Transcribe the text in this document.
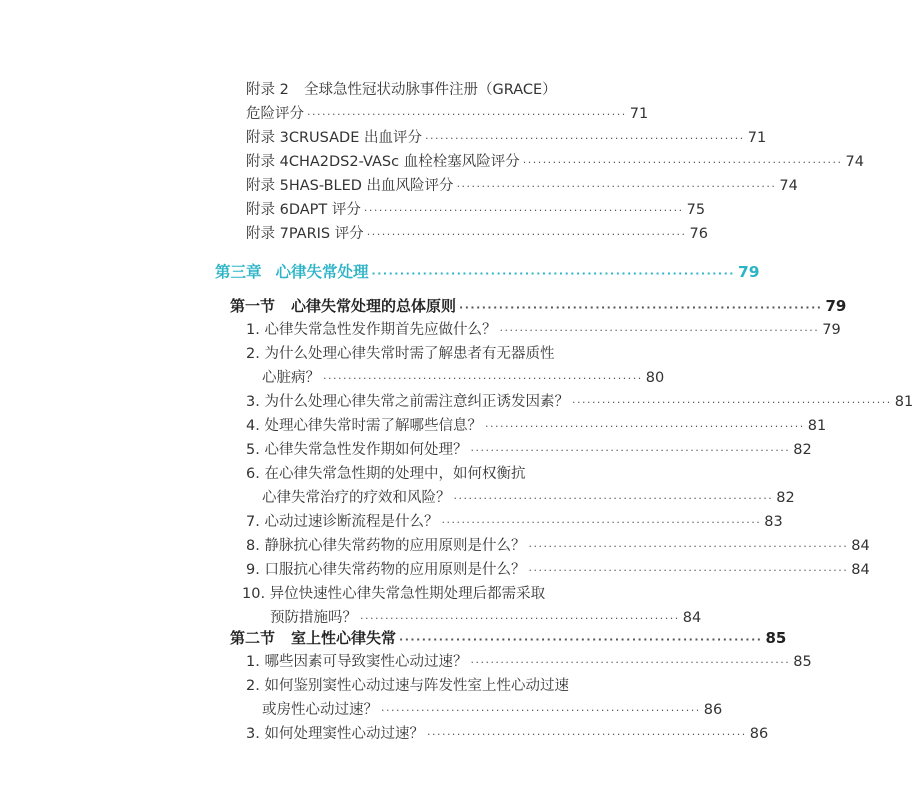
附录 2	全球急性冠状动脉事件注册（GRACE）
危险评分 ································································ 71
附录 3 CRUSADE 出血评分 ································································ 71
附录 4 CHA2DS2-VASc 血栓栓塞风险评分 ································································ 74
附录 5 HAS-BLED 出血风险评分 ································································ 74
附录 6 DAPT 评分 ································································ 75
附录 7 PARIS 评分 ································································ 76
第三章 心律失常处理 ································································ 79
第一节 心律失常处理的总体原则 ································································ 79
1. 心律失常急性发作期首先应做什么？ ································································ 79
2. 为什么处理心律失常时需了解患者有无器质性
心脏病？ ································································ 80
3. 为什么处理心律失常之前需注意纠正诱发因素？ ································································ 81
4. 处理心律失常时需了解哪些信息？ ································································ 81
5. 心律失常急性发作期如何处理？ ································································ 82
6. 在心律失常急性期的处理中，如何权衡抗
心律失常治疗的疗效和风险？ ································································ 82
7. 心动过速诊断流程是什么？ ································································ 83
8. 静脉抗心律失常药物的应用原则是什么？ ································································ 84
9. 口服抗心律失常药物的应用原则是什么？ ································································ 84
10. 异位快速性心律失常急性期处理后都需采取
预防措施吗？ ································································ 84
第二节 室上性心律失常 ································································ 85
1. 哪些因素可导致窦性心动过速？ ································································ 85
2. 如何鉴别窦性心动过速与阵发性室上性心动过速
或房性心动过速？ ································································ 86
3. 如何处理窦性心动过速？ ································································ 86
